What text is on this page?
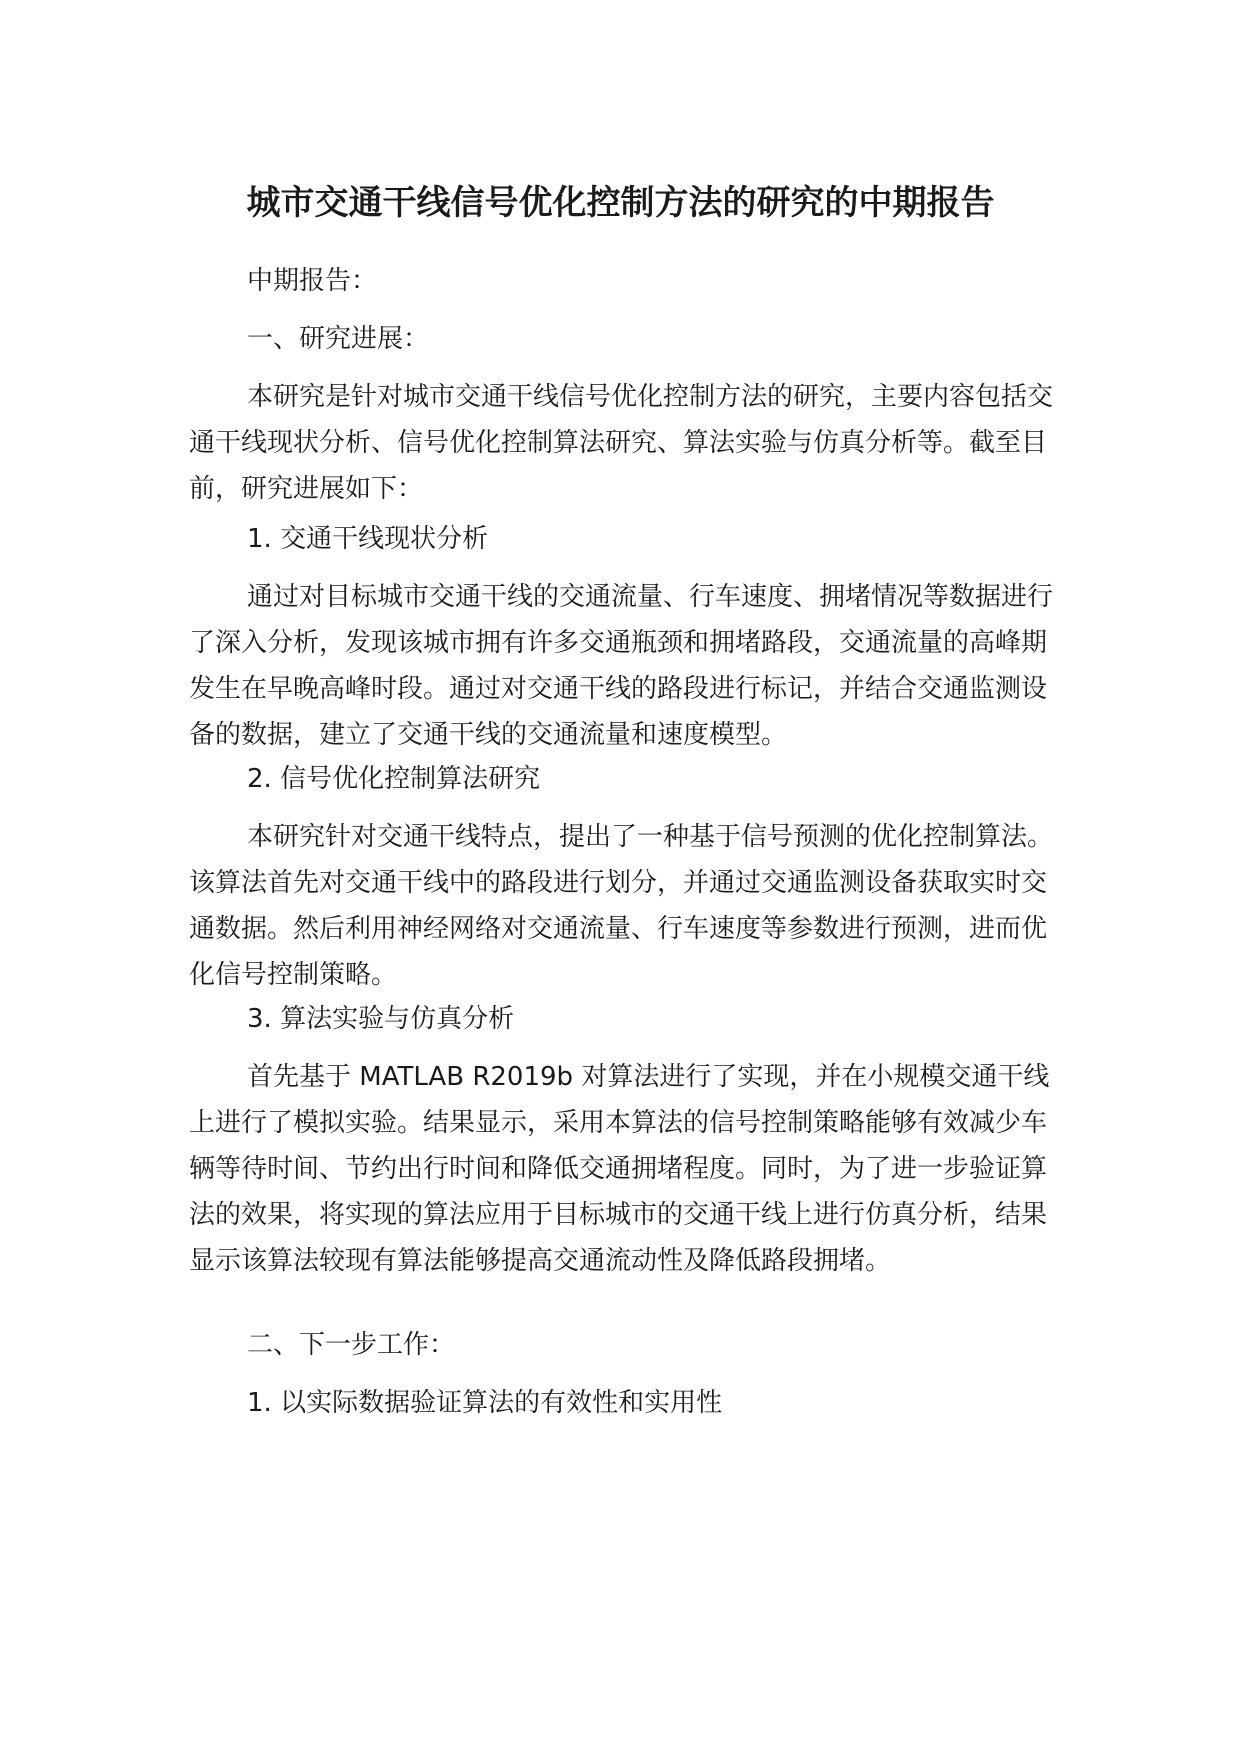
城市交通干线信号优化控制方法的研究的中期报告

中期报告：

一、研究进展：

本研究是针对城市交通干线信号优化控制方法的研究，主要内容包括交通干线现状分析、信号优化控制算法研究、算法实验与仿真分析等。截至目前，研究进展如下：

1. 交通干线现状分析

通过对目标城市交通干线的交通流量、行车速度、拥堵情况等数据进行了深入分析，发现该城市拥有许多交通瓶颈和拥堵路段，交通流量的高峰期发生在早晚高峰时段。通过对交通干线的路段进行标记，并结合交通监测设备的数据，建立了交通干线的交通流量和速度模型。

2. 信号优化控制算法研究

本研究针对交通干线特点，提出了一种基于信号预测的优化控制算法。该算法首先对交通干线中的路段进行划分，并通过交通监测设备获取实时交通数据。然后利用神经网络对交通流量、行车速度等参数进行预测，进而优化信号控制策略。

3. 算法实验与仿真分析

首先基于 MATLAB R2019b 对算法进行了实现，并在小规模交通干线上进行了模拟实验。结果显示，采用本算法的信号控制策略能够有效减少车辆等待时间、节约出行时间和降低交通拥堵程度。同时，为了进一步验证算法的效果，将实现的算法应用于目标城市的交通干线上进行仿真分析，结果显示该算法较现有算法能够提高交通流动性及降低路段拥堵。

二、下一步工作：

1. 以实际数据验证算法的有效性和实用性
